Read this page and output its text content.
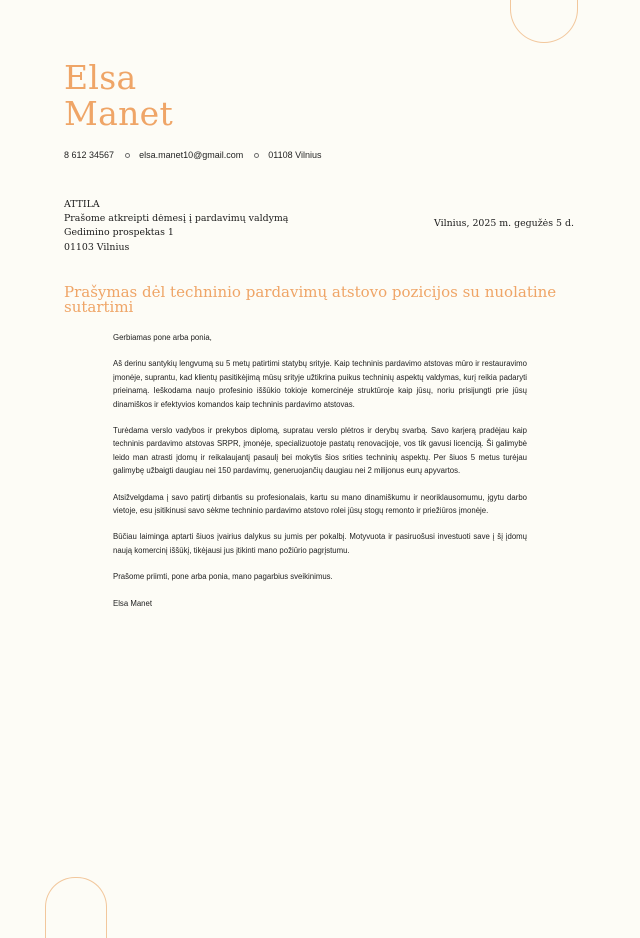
Elsa
Manet
8 612 34567	elsa.manet10@gmail.com	01108 Vilnius
ATTILA
Prašome atkreipti dėmesį į pardavimų valdymą
Gedimino prospektas 1
01103 Vilnius
Vilnius, 2025 m. gegužės 5 d.
Prašymas dėl techninio pardavimų atstovo pozicijos su nuolatine sutartimi

Gerbiamas pone arba ponia,

Aš derinu santykių lengvumą su 5 metų patirtimi statybų srityje. Kaip techninis pardavimo atstovas mūro ir restauravimo įmonėje, suprantu, kad klientų pasitikėjimą mūsų srityje užtikrina puikus techninių aspektų valdymas, kurį reikia padaryti prieinamą. Ieškodama naujo profesinio iššūkio tokioje komercinėje struktūroje kaip jūsų, noriu prisijungti prie jūsų dinamiškos ir efektyvios komandos kaip techninis pardavimo atstovas.

Turėdama verslo vadybos ir prekybos diplomą, supratau verslo plėtros ir derybų svarbą. Savo karjerą pradėjau kaip techninis pardavimo atstovas SRPR, įmonėje, specializuotoje pastatų renovacijoje, vos tik gavusi licenciją. Ši galimybė leido man atrasti įdomų ir reikalaujantį pasaulį bei mokytis šios srities techninių aspektų. Per šiuos 5 metus turėjau galimybę užbaigti daugiau nei 150 pardavimų, generuojančių daugiau nei 2 milijonus eurų apyvartos.

Atsižvelgdama į savo patirtį dirbantis su profesionalais, kartu su mano dinamiškumu ir neoriklausomumu, įgytu darbo vietoje, esu įsitikinusi savo sėkme techninio pardavimo atstovo rolei jūsų stogų remonto ir priežiūros įmonėje.

Būčiau laiminga aptarti šiuos įvairius dalykus su jumis per pokalbį. Motyvuota ir pasiruošusi investuoti save į šį įdomų naują komercinį iššūkį, tikėjausi jus įtikinti mano požiūrio pagrįstumu.

Prašome priimti, pone arba ponia, mano pagarbius sveikinimus.

Elsa Manet
